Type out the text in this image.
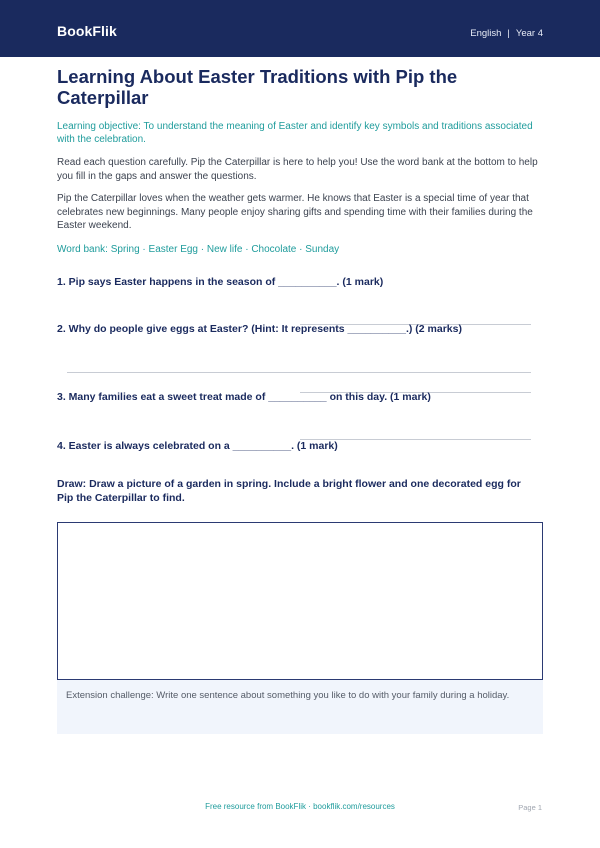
BookFlik	English | Year 4
Learning About Easter Traditions with Pip the Caterpillar
Learning objective: To understand the meaning of Easter and identify key symbols and traditions associated with the celebration.
Read each question carefully. Pip the Caterpillar is here to help you! Use the word bank at the bottom to help you fill in the gaps and answer the questions.
Pip the Caterpillar loves when the weather gets warmer. He knows that Easter is a special time of year that celebrates new beginnings. Many people enjoy sharing gifts and spending time with their families during the Easter weekend.
Word bank: Spring · Easter Egg · New life · Chocolate · Sunday
1. Pip says Easter happens in the season of __________. (1 mark)
2. Why do people give eggs at Easter? (Hint: It represents __________.) (2 marks)
3. Many families eat a sweet treat made of __________ on this day. (1 mark)
4. Easter is always celebrated on a __________. (1 mark)
Draw: Draw a picture of a garden in spring. Include a bright flower and one decorated egg for Pip the Caterpillar to find.
Extension challenge: Write one sentence about something you like to do with your family during a holiday.
Free resource from BookFlik · bookflik.com/resources	Page 1
